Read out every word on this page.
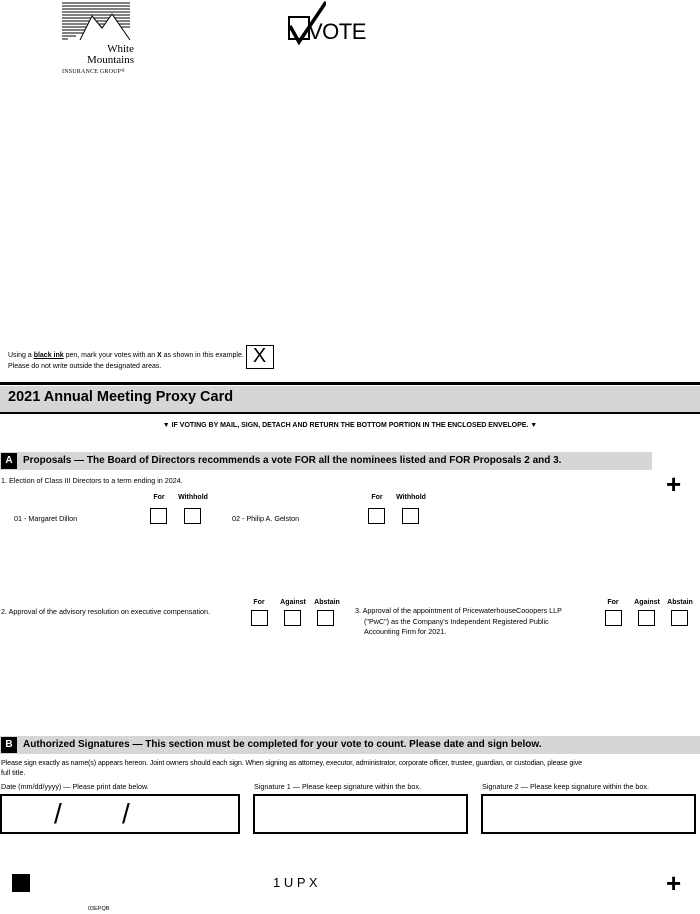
White
Mountains
INSURANCE GROUP®
VOTE
Using a black ink pen, mark your votes with an X as shown in this example.
Please do not write outside the designated areas.	X
2021 Annual Meeting Proxy Card
▼ IF VOTING BY MAIL, SIGN, DETACH AND RETURN THE BOTTOM PORTION IN THE ENCLOSED ENVELOPE. ▼
A	Proposals — The Board of Directors recommends a vote FOR all the nominees listed and FOR Proposals 2 and 3.
+
1. Election of Class III Directors to a term ending in 2024.
For	Withhold
01 - Margaret Dillon
For	Withhold
02 - Philip A. Gelston
2. Approval of the advisory resolution on executive compensation.
For	Against	Abstain
3. Approval of the appointment of PricewaterhouseCooopers LLP
("PwC") as the Company's Independent Registered Public
Accounting Firm for 2021.
For	Against	Abstain
B	Authorized Signatures — This section must be completed for your vote to count. Please date and sign below.
Please sign exactly as name(s) appears hereon. Joint owners should each sign. When signing as attorney, executor, administrator, corporate officer, trustee, guardian, or custodian, please give
full title.
Date (mm/dd/yyyy) — Please print date below.	Signature 1 — Please keep signature within the box.	Signature 2 — Please keep signature within the box.
/ /
1 U P X	+
03EPQB
